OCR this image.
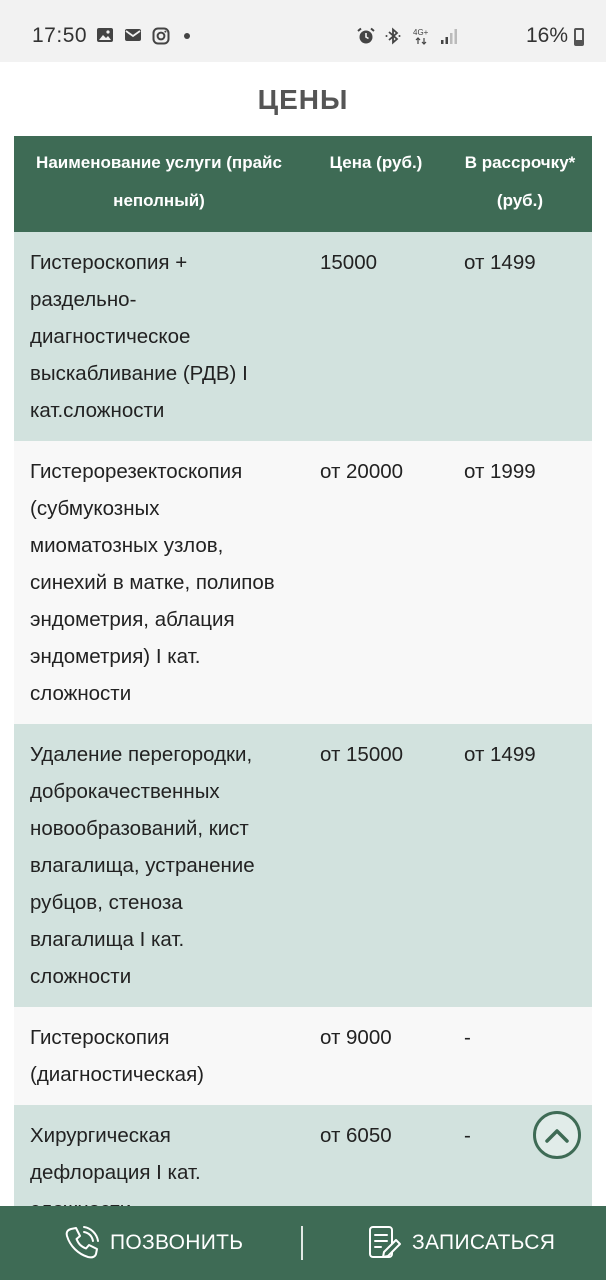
17:50	4G+	16%
ЦЕНЫ
Наименование услуги (прайс неполный)	Цена (руб.)	В рассрочку* (руб.)
Гистероскопия + раздельно-диагностическое выскабливание (РДВ) I кат.сложности	15000	от 1499
Гистерорезектоскопия (субмукозных миоматозных узлов, синехий в матке, полипов эндометрия, аблация эндометрия) I кат. сложности	от 20000	от 1999
Удаление перегородки, доброкачественных новообразований, кист влагалища, устранение рубцов, стеноза влагалища I кат. сложности	от 15000	от 1499
Гистероскопия (диагностическая)	от 9000	-
Хирургическая дефлорация I кат.	от 6050	-
ПОЗВОНИТЬ	ЗАПИСАТЬСЯ
